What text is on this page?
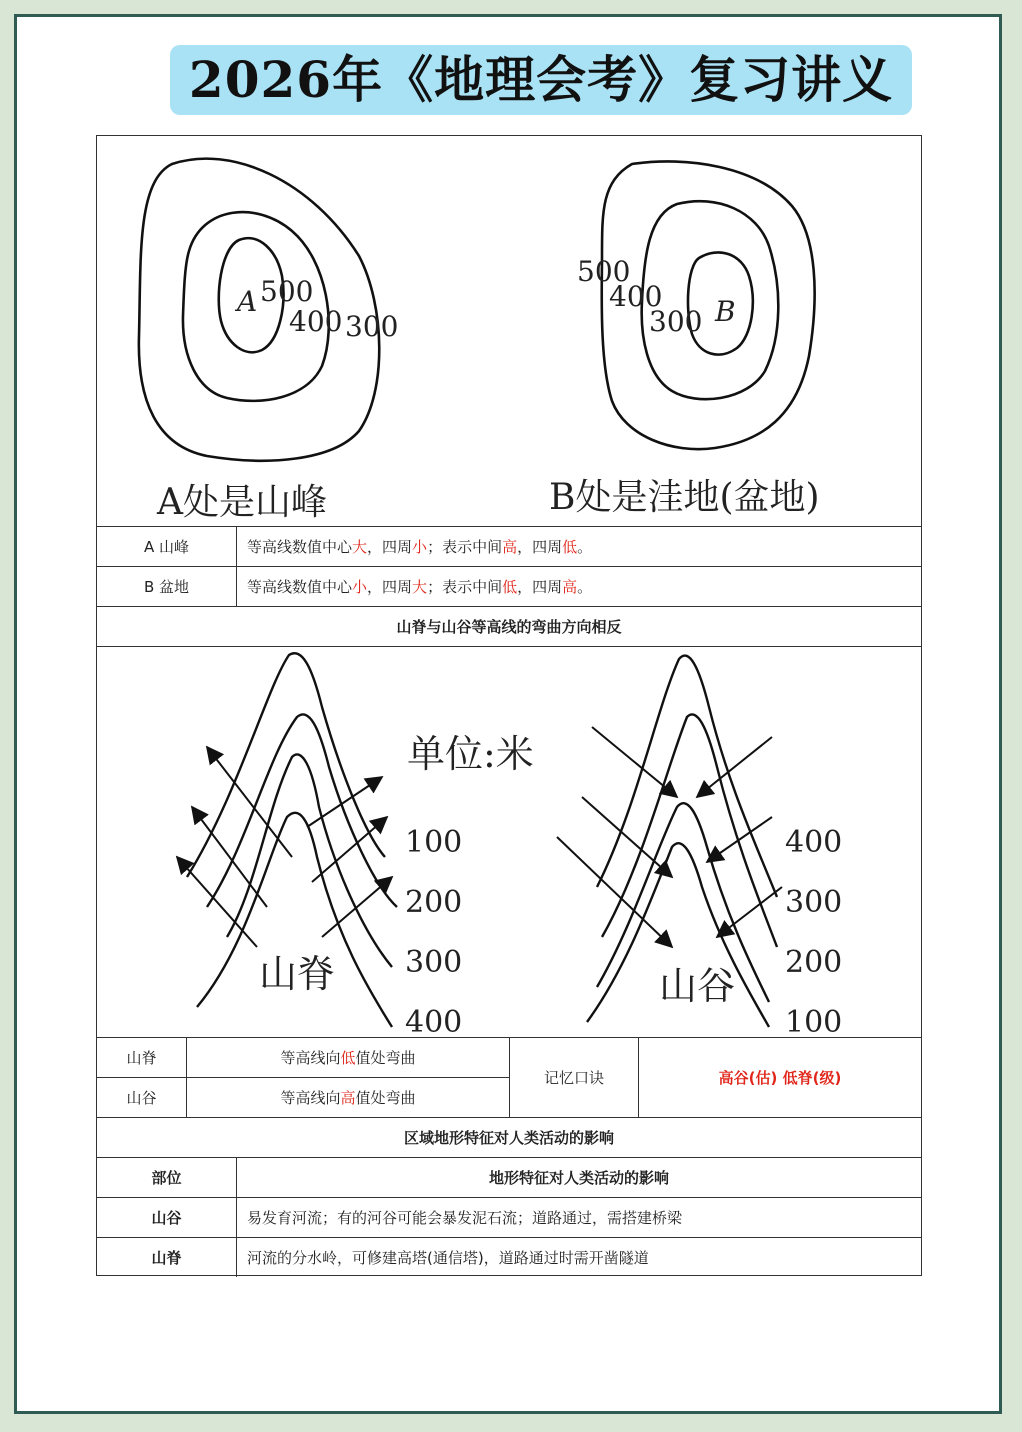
2026年《地理会考》复习讲义
A 500
400 300
500
400
300 B
A处是山峰	B处是洼地(盆地)
A 山峰	等高线数值中心 大 ，四周 小 ；表示中间 高 ，四周 低 。
B 盆地	等高线数值中心 小 ，四周 大 ；表示中间 低 ，四周 高 。
山脊与山谷等高线的弯曲方向相反
单位:米
100
200
300
400
400
300
200
100
山脊	山谷
山脊	等高线向 低 值处弯曲
山谷	等高线向 高 值处弯曲
记忆口诀	高谷(估) 低脊(级)
区域地形特征对人类活动的影响
部位	地形特征对人类活动的影响
山谷	易发育河流；有的河谷可能会暴发泥石流；道路通过，需搭建桥梁
山脊	河流的分水岭，可修建高塔(通信塔)，道路通过时需开凿隧道
